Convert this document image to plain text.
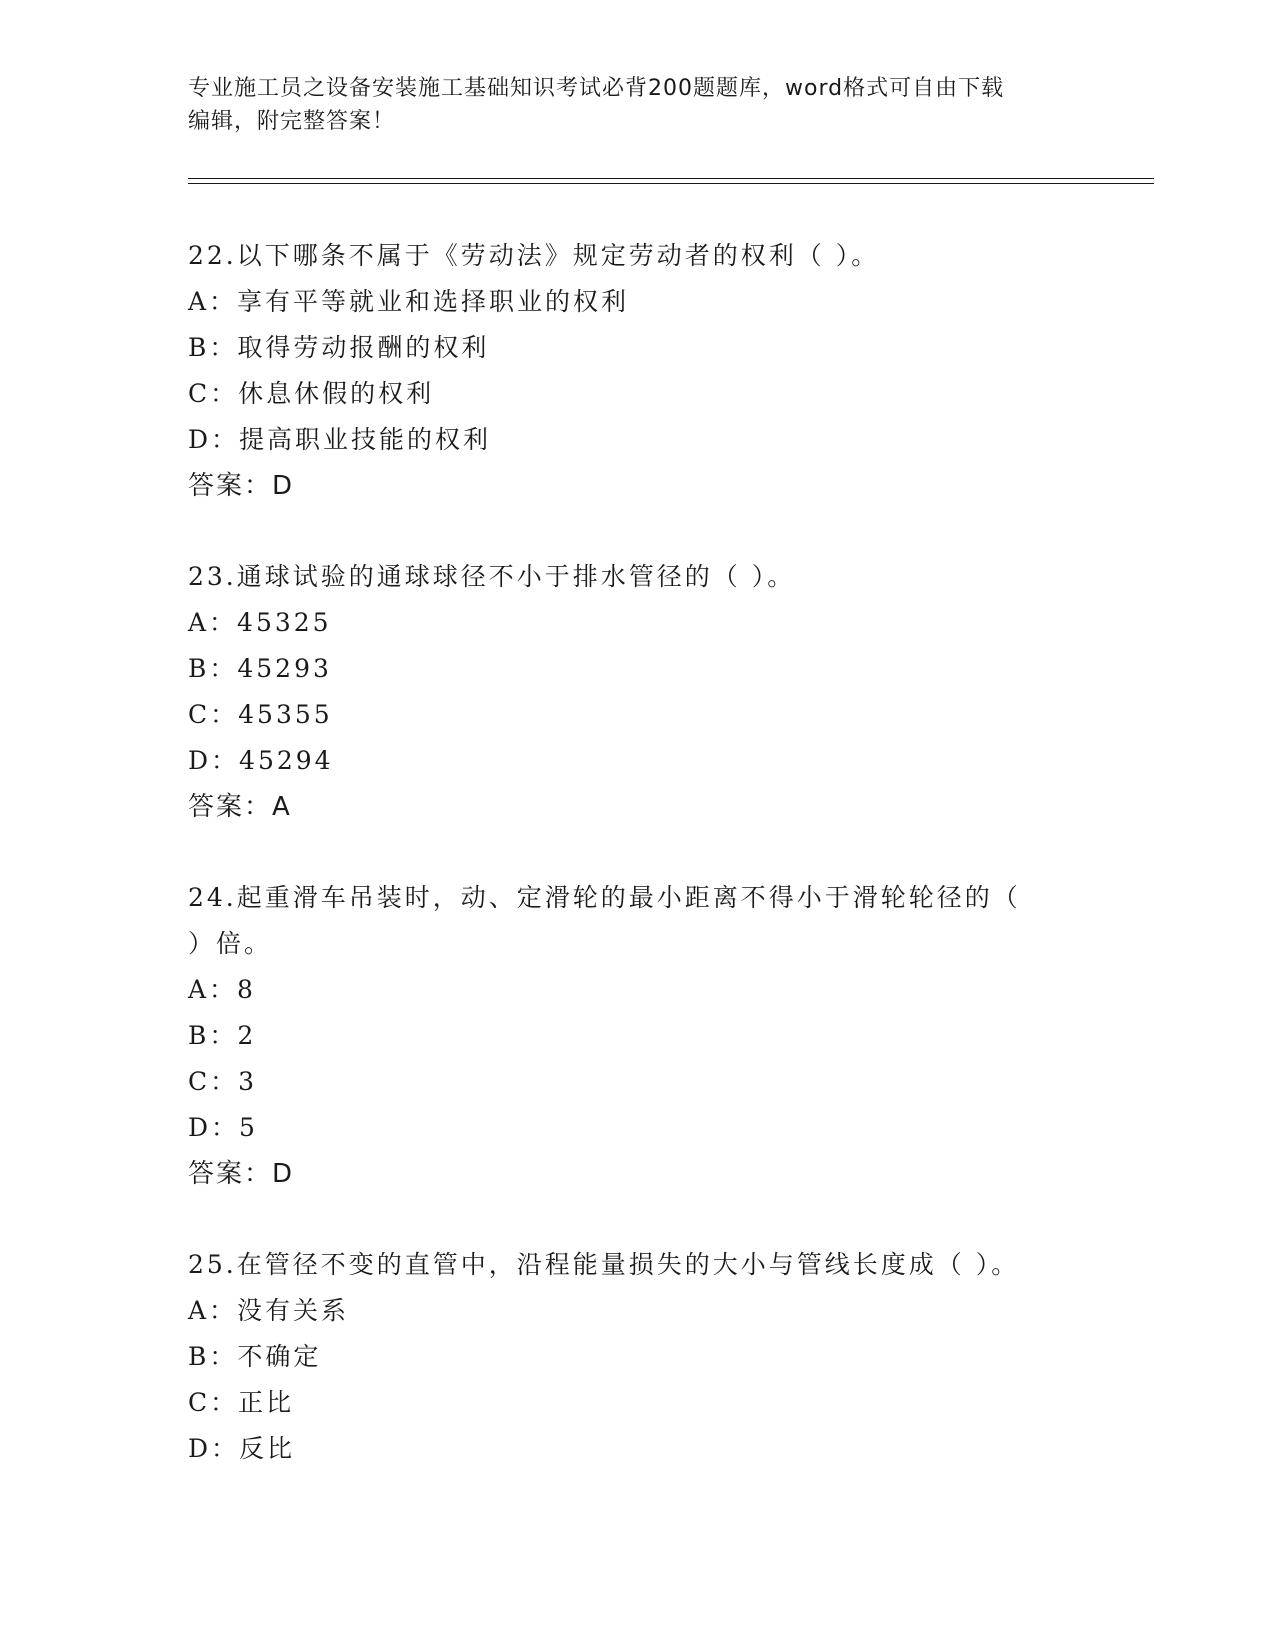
专业施工员之设备安装施工基础知识考试必背200题题库，word格式可自由下载
编辑，附完整答案！
22.以下哪条不属于《劳动法》规定劳动者的权利（ ）。
A：享有平等就业和选择职业的权利
B：取得劳动报酬的权利
C：休息休假的权利
D：提高职业技能的权利
答案：D
23.通球试验的通球球径不小于排水管径的（ ）。
A：45325
B：45293
C：45355
D：45294
答案：A
24.起重滑车吊装时，动、定滑轮的最小距离不得小于滑轮轮径的（
）倍。
A：8
B：2
C：3
D：5
答案：D
25.在管径不变的直管中，沿程能量损失的大小与管线长度成（ ）。
A：没有关系
B：不确定
C：正比
D：反比
